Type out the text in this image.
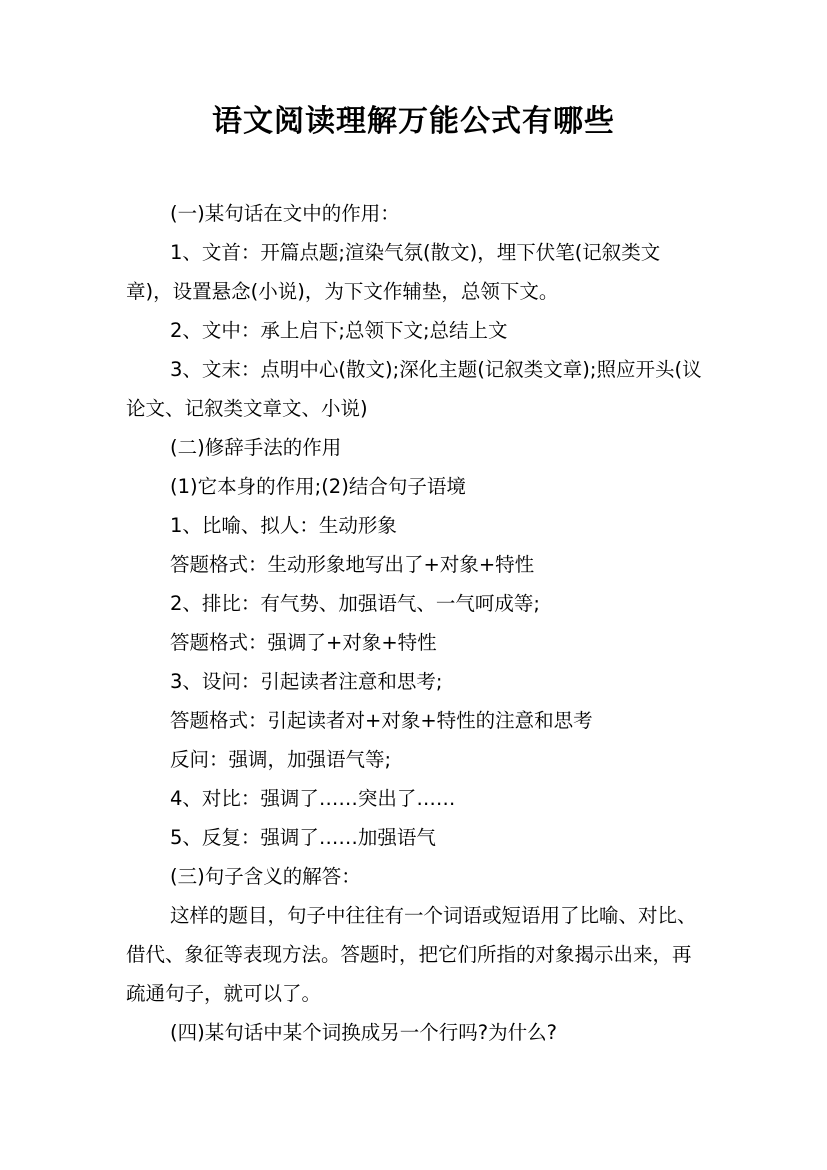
语文阅读理解万能公式有哪些

(一)某句话在文中的作用：

1、文首：开篇点题;渲染气氛(散文)，埋下伏笔(记叙类文章)，设置悬念(小说)，为下文作辅垫，总领下文。

2、文中：承上启下;总领下文;总结上文

3、文末：点明中心(散文);深化主题(记叙类文章);照应开头(议论文、记叙类文章文、小说)

(二)修辞手法的作用

(1)它本身的作用;(2)结合句子语境

1、比喻、拟人：生动形象

答题格式：生动形象地写出了+对象+特性

2、排比：有气势、加强语气、一气呵成等;

答题格式：强调了+对象+特性

3、设问：引起读者注意和思考;

答题格式：引起读者对+对象+特性的注意和思考

反问：强调，加强语气等;

4、对比：强调了……突出了……

5、反复：强调了……加强语气

(三)句子含义的解答：

这样的题目，句子中往往有一个词语或短语用了比喻、对比、借代、象征等表现方法。答题时，把它们所指的对象揭示出来，再疏通句子，就可以了。

(四)某句话中某个词换成另一个行吗?为什么?
